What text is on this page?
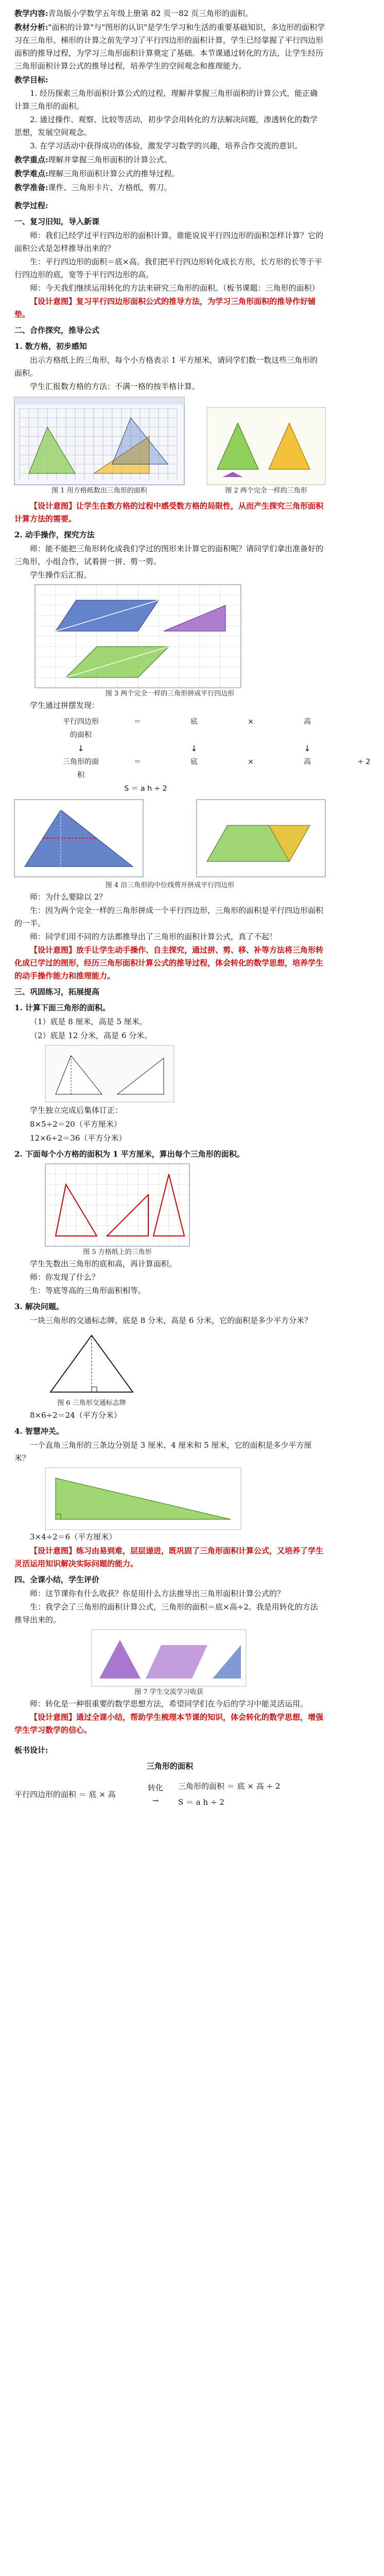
教学内容:青岛版小学数学五年级上册第 82 页一82 页三角形的面积。
教材分析:"面积的计算"与"图形的认识"是学生学习和生活的重要基础知识，多边形的面积学习在三角形、梯形的计算之前先学习了平行四边形的面积计算，学生已经掌握了平行四边形面积的推导过程，为学习三角形面积计算奠定了基础。本节课通过转化的方法，让学生经历三角形面积计算公式的推导过程，培养学生的空间观念和推理能力。
教学目标:
1. 经历探索三角形面积计算公式的过程，理解并掌握三角形面积的计算公式，能正确计算三角形的面积。
2. 通过操作、观察、比较等活动，初步学会用转化的方法解决问题，渗透转化的数学思想，发展空间观念。
3. 在学习活动中获得成功的体验，激发学习数学的兴趣，培养合作交流的意识。
教学重点:理解并掌握三角形面积的计算公式。
教学难点:理解三角形面积计算公式的推导过程。
教学准备:课件、三角形卡片、方格纸、剪刀。
教学过程:
一、复习旧知，导入新课
师：我们已经学过平行四边形的面积计算，谁能说说平行四边形的面积怎样计算？它的面积公式是怎样推导出来的？
生：平行四边形的面积＝底×高。我们把平行四边形转化成长方形，长方形的长等于平行四边形的底，宽等于平行四边形的高。
师：今天我们继续运用转化的方法来研究三角形的面积。（板书课题：三角形的面积）
【设计意图】复习平行四边形面积公式的推导方法，为学习三角形面积的推导作好铺垫。
二、合作探究，推导公式
1. 数方格，初步感知
出示方格纸上的三角形，每个小方格表示 1 平方厘米，请同学们数一数这些三角形的面积。
学生汇报数方格的方法：不满一格的按半格计算。
图 1 用方格纸数出三角形的面积	图 2 两个完全一样的三角形
【设计意图】让学生在数方格的过程中感受数方格的局限性，从而产生探究三角形面积计算方法的需要。
2. 动手操作，探究方法
师：能不能把三角形转化成我们学过的图形来计算它的面积呢？请同学们拿出准备好的三角形，小组合作，试着拼一拼、剪一剪。
学生操作后汇报。
图 3 两个完全一样的三角形拼成平行四边形
学生通过拼摆发现：
平行四边形的面积
＝	底	×	高
↓	↓	↓
三角形的面积
＝	底	×	高	÷ 2
S ＝ a h ÷ 2
图 4 沿三角形的中位线剪开拼成平行四边形
师：为什么要除以 2？
生：因为两个完全一样的三角形拼成一个平行四边形，三角形的面积是平行四边形面积的一半。
师：同学们用不同的方法都推导出了三角形的面积计算公式，真了不起！
【设计意图】放手让学生动手操作、自主探究，通过拼、剪、移、补等方法将三角形转化成已学过的图形，经历三角形面积计算公式的推导过程，体会转化的数学思想，培养学生的动手操作能力和推理能力。
三、巩固练习，拓展提高
1. 计算下面三角形的面积。
（1）底是 8 厘米，高是 5 厘米。
（2）底是 12 分米，高是 6 分米。
学生独立完成后集体订正：
8×5÷2＝20（平方厘米）
12×6÷2＝36（平方分米）
2. 下面每个小方格的面积为 1 平方厘米，算出每个三角形的面积。
图 5 方格纸上的三角形
学生先数出三角形的底和高，再计算面积。
师：你发现了什么？
生：等底等高的三角形面积相等。
3. 解决问题。
一块三角形的交通标志牌，底是 8 分米，高是 6 分米，它的面积是多少平方分米？
图 6 三角形交通标志牌
8×6÷2＝24（平方分米）
4. 智慧冲关。
一个直角三角形的三条边分别是 3 厘米、4 厘米和 5 厘米，它的面积是多少平方厘米？
3×4÷2＝6（平方厘米）
【设计意图】练习由易到难，层层递进，既巩固了三角形面积计算公式，又培养了学生灵活运用知识解决实际问题的能力。
四、全课小结，学生评价
师：这节课你有什么收获？你是用什么方法推导出三角形面积计算公式的？
生：我学会了三角形的面积计算公式，三角形的面积＝底×高÷2。我是用转化的方法推导出来的。
图 7 学生交流学习收获
师：转化是一种很重要的数学思想方法，希望同学们在今后的学习中能灵活运用。
【设计意图】通过全课小结，帮助学生梳理本节课的知识，体会转化的数学思想，增强学生学习数学的信心。
板书设计:
三角形的面积
平行四边形的面积 ＝ 底 × 高
转化
→
三角形的面积 ＝ 底 × 高 ÷ 2
S ＝ a h ÷ 2
